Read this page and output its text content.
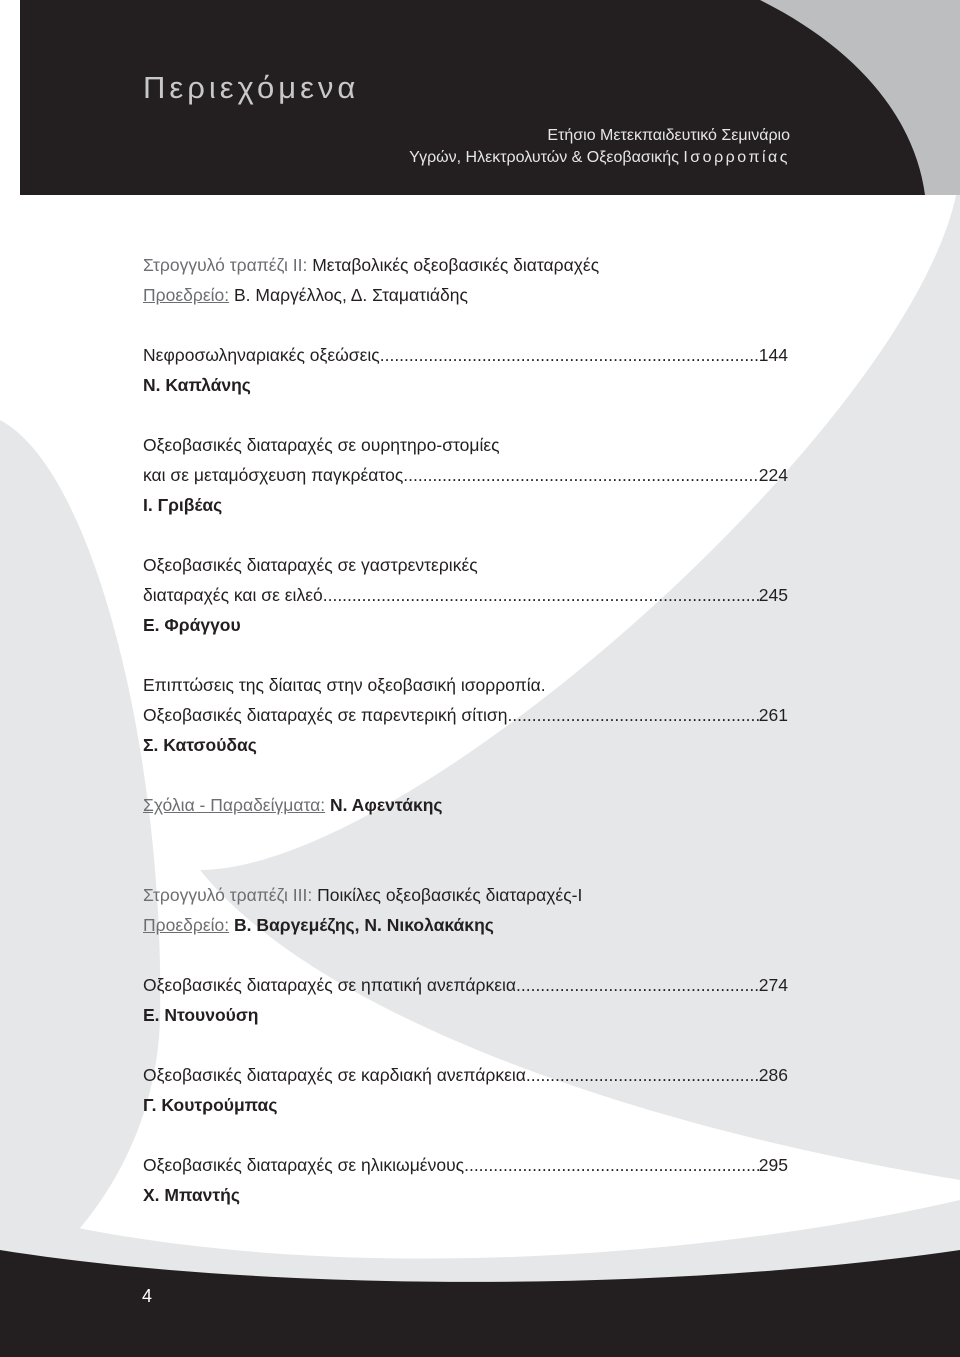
Περιεχόμενα
Ετήσιο Μετεκπαιδευτικό Σεμινάριο
Υγρών, Ηλεκτρολυτών & Οξεοβασικής Ισορροπίας
Στρογγυλό τραπέζι ΙΙ: Μεταβολικές οξεοβασικές διαταραχές
Προεδρείο: Β. Μαργέλλος, Δ. Σταματιάδης
Νεφροσωληναριακές οξεώσεις .....	144
Ν. Καπλάνης
Οξεοβασικές διαταραχές σε ουρητηρο-στομίες
και σε μεταμόσχευση παγκρέατος .....	224
Ι. Γριβέας
Οξεοβασικές διαταραχές σε γαστρεντερικές
διαταραχές και σε ειλεό .....	245
Ε. Φράγγου
Επιπτώσεις της δίαιτας στην οξεοβασική ισορροπία.
Οξεοβασικές διαταραχές σε παρεντερική σίτιση .....	261
Σ. Κατσούδας
Σχόλια - Παραδείγματα: Ν. Αφεντάκης
Στρογγυλό τραπέζι ΙΙΙ: Ποικίλες οξεοβασικές διαταραχές-Ι
Προεδρείο: Β. Βαργεμέζης, Ν. Νικολακάκης
Οξεοβασικές διαταραχές σε ηπατική ανεπάρκεια .....	274
Ε. Ντουνούση
Οξεοβασικές διαταραχές σε καρδιακή ανεπάρκεια .....	286
Γ. Κουτρούμπας
Οξεοβασικές διαταραχές σε ηλικιωμένους .....	295
Χ. Μπαντής
4
